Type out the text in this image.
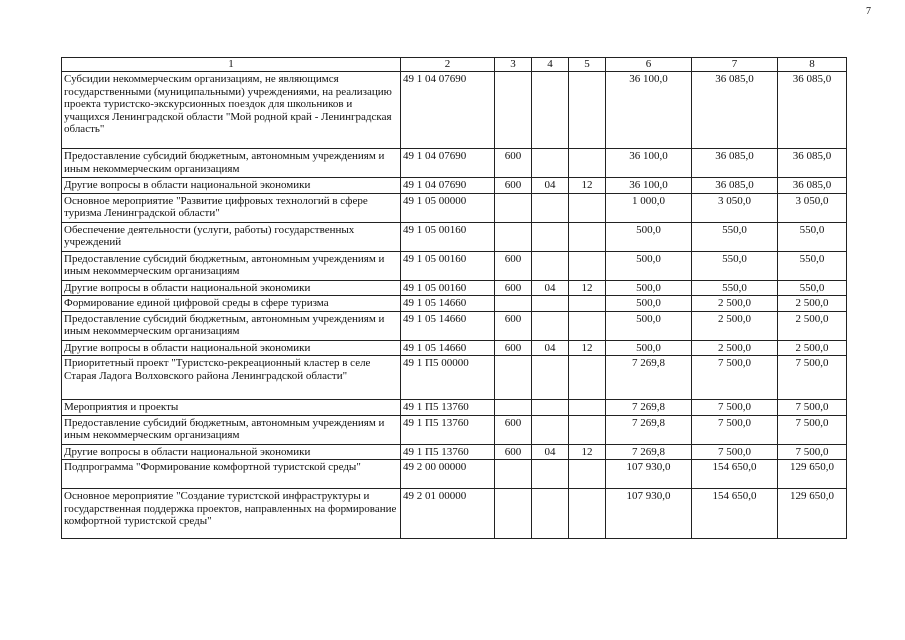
7
1	2	3	4	5	6	7	8
Субсидии некоммерческим организациям, не являющимся государственными (муниципальными) учреждениями, на реализацию проекта туристско-экскурсионных поездок для школьников и учащихся Ленинградской области "Мой родной край - Ленинградская область"	49 1 04 07690				36 100,0	36 085,0	36 085,0
Предоставление субсидий бюджетным, автономным учреждениям и иным некоммерческим организациям	49 1 04 07690	600			36 100,0	36 085,0	36 085,0
Другие вопросы в области национальной экономики	49 1 04 07690	600	04	12	36 100,0	36 085,0	36 085,0
Основное мероприятие "Развитие цифровых технологий в сфере туризма Ленинградской области"	49 1 05 00000				1 000,0	3 050,0	3 050,0
Обеспечение деятельности (услуги, работы) государственных учреждений	49 1 05 00160				500,0	550,0	550,0
Предоставление субсидий бюджетным, автономным учреждениям и иным некоммерческим организациям	49 1 05 00160	600			500,0	550,0	550,0
Другие вопросы в области национальной экономики	49 1 05 00160	600	04	12	500,0	550,0	550,0
Формирование единой цифровой среды в сфере туризма	49 1 05 14660				500,0	2 500,0	2 500,0
Предоставление субсидий бюджетным, автономным учреждениям и иным некоммерческим организациям	49 1 05 14660	600			500,0	2 500,0	2 500,0
Другие вопросы в области национальной экономики	49 1 05 14660	600	04	12	500,0	2 500,0	2 500,0
Приоритетный проект "Туристско-рекреационный кластер в селе Старая Ладога Волховского района Ленинградской области"	49 1 П5 00000				7 269,8	7 500,0	7 500,0
Мероприятия и проекты	49 1 П5 13760				7 269,8	7 500,0	7 500,0
Предоставление субсидий бюджетным, автономным учреждениям и иным некоммерческим организациям	49 1 П5 13760	600			7 269,8	7 500,0	7 500,0
Другие вопросы в области национальной экономики	49 1 П5 13760	600	04	12	7 269,8	7 500,0	7 500,0
Подпрограмма "Формирование комфортной туристской среды"	49 2 00 00000				107 930,0	154 650,0	129 650,0
Основное мероприятие "Создание туристской инфраструктуры и государственная поддержка проектов, направленных на формирование комфортной туристской среды"	49 2 01 00000				107 930,0	154 650,0	129 650,0
